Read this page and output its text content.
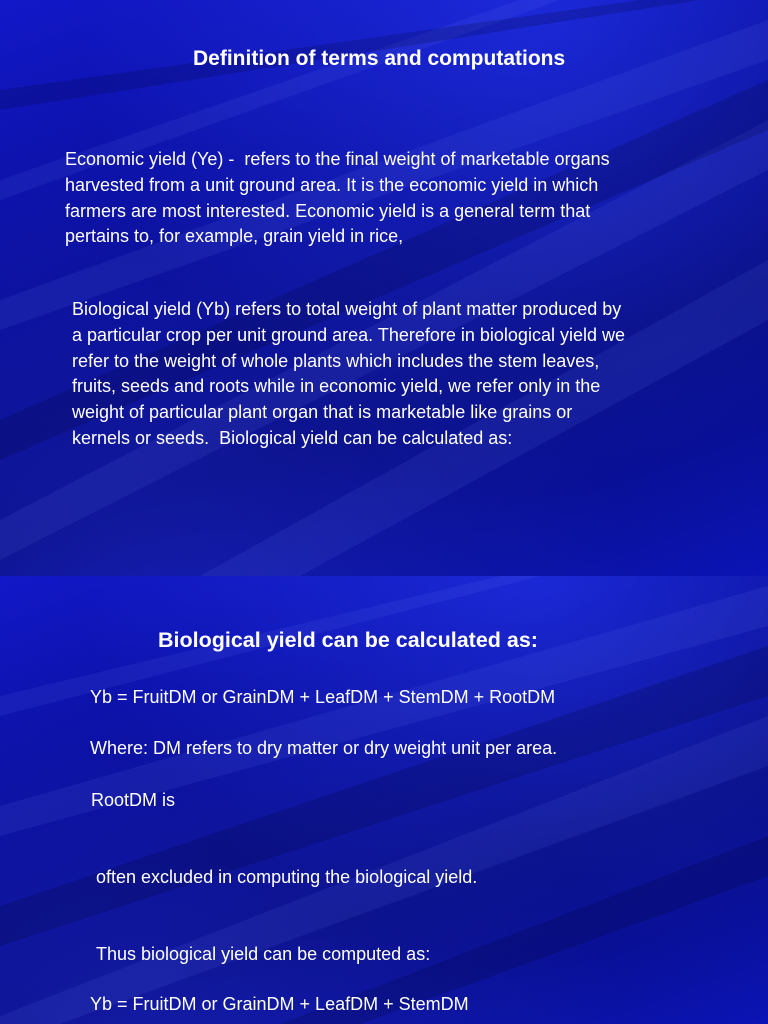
Definition of terms and computations

Economic yield (Ye) -  refers to the final weight of marketable organs

harvested from a unit ground area. It is the economic yield in which

farmers are most interested. Economic yield is a general term that

pertains to, for example, grain yield in rice,

Biological yield (Yb) refers to total weight of plant matter produced by

a particular crop per unit ground area. Therefore in biological yield we

refer to the weight of whole plants which includes the stem leaves,

fruits, seeds and roots while in economic yield, we refer only in the

weight of particular plant organ that is marketable like grains or

kernels or seeds.  Biological yield can be calculated as:

Biological yield can be calculated as:

Yb = FruitDM or GrainDM + LeafDM + StemDM + RootDM

Where: DM refers to dry matter or dry weight unit per area.

RootDM is

often excluded in computing the biological yield.

Thus biological yield can be computed as:

Yb = FruitDM or GrainDM + LeafDM + StemDM
